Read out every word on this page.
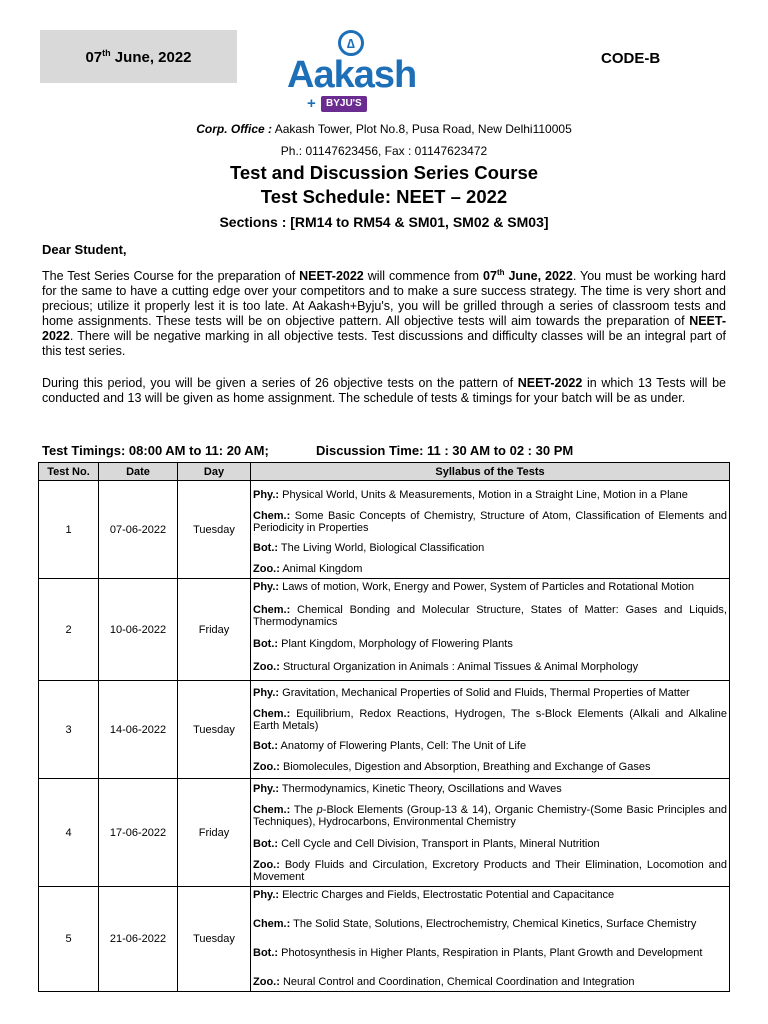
07th June, 2022	CODE-B
∆
Aakash
+	BYJU'S
Corp. Office : Aakash Tower, Plot No.8, Pusa Road, New Delhi110005
Ph.: 01147623456, Fax : 01147623472
Test and Discussion Series Course
Test Schedule: NEET – 2022
Sections : [RM14 to RM54 & SM01, SM02 & SM03]
Dear Student,
The Test Series Course for the preparation of NEET-2022 will commence from 07th June, 2022. You must be working hard for the same to have a cutting edge over your competitors and to make a sure success strategy. The time is very short and precious; utilize it properly lest it is too late. At Aakash+Byju's, you will be grilled through a series of classroom tests and home assignments. These tests will be on objective pattern. All objective tests will aim towards the preparation of NEET-2022. There will be negative marking in all objective tests. Test discussions and difficulty classes will be an integral part of this test series.
During this period, you will be given a series of 26 objective tests on the pattern of NEET-2022 in which 13 Tests will be conducted and 13 will be given as home assignment. The schedule of tests & timings for your batch will be as under.
Test Timings: 08:00 AM to 11: 20 AM;	Discussion Time: 11 : 30 AM to 02 : 30 PM
Test No.	Date	Day	Syllabus of the Tests
1	07-06-2022	Tuesday	Phy.: Physical World, Units & Measurements, Motion in a Straight Line, Motion in a Plane
Chem.: Some Basic Concepts of Chemistry, Structure of Atom, Classification of Elements and Periodicity in Properties
Bot.: The Living World, Biological Classification
Zoo.: Animal Kingdom

2	10-06-2022	Friday	Phy.: Laws of motion, Work, Energy and Power, System of Particles and Rotational Motion
Chem.: Chemical Bonding and Molecular Structure, States of Matter: Gases and Liquids, Thermodynamics
Bot.: Plant Kingdom, Morphology of Flowering Plants
Zoo.: Structural Organization in Animals : Animal Tissues & Animal Morphology

3	14-06-2022	Tuesday	Phy.: Gravitation, Mechanical Properties of Solid and Fluids, Thermal Properties of Matter
Chem.: Equilibrium, Redox Reactions, Hydrogen, The s-Block Elements (Alkali and Alkaline Earth Metals)
Bot.: Anatomy of Flowering Plants, Cell: The Unit of Life
Zoo.: Biomolecules, Digestion and Absorption, Breathing and Exchange of Gases

4	17-06-2022	Friday	Phy.: Thermodynamics, Kinetic Theory, Oscillations and Waves
Chem.: The p-Block Elements (Group-13 & 14), Organic Chemistry-(Some Basic Principles and Techniques), Hydrocarbons, Environmental Chemistry
Bot.: Cell Cycle and Cell Division, Transport in Plants, Mineral Nutrition
Zoo.: Body Fluids and Circulation, Excretory Products and Their Elimination, Locomotion and Movement

5	21-06-2022	Tuesday	Phy.: Electric Charges and Fields, Electrostatic Potential and Capacitance
Chem.: The Solid State, Solutions, Electrochemistry, Chemical Kinetics, Surface Chemistry
Bot.: Photosynthesis in Higher Plants, Respiration in Plants, Plant Growth and Development
Zoo.: Neural Control and Coordination, Chemical Coordination and Integration
